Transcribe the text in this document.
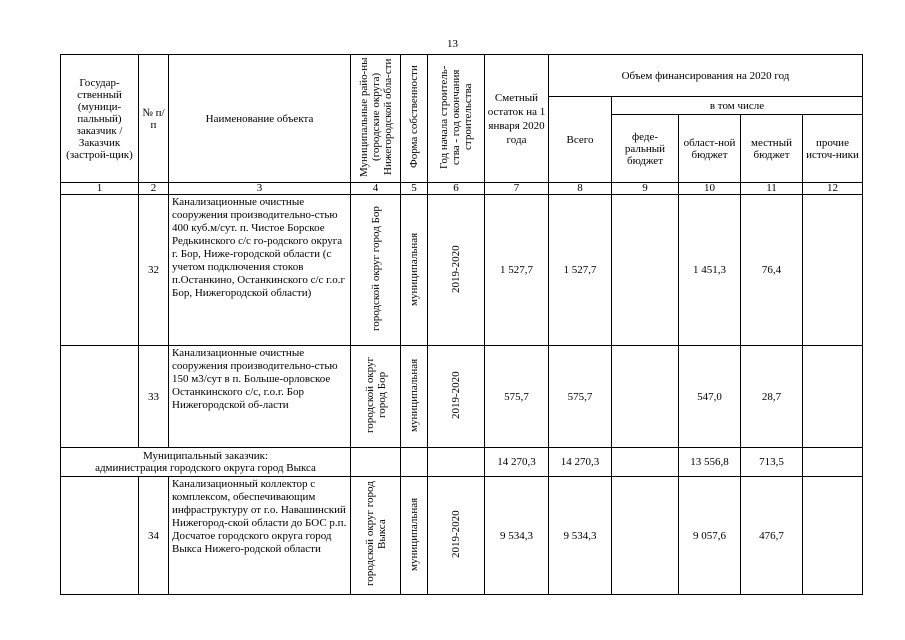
13
Государ-ственный (муници-пальный) заказчик /Заказчик (застрой-щик)	№ п/п	Наименование объекта	Муниципальные райо-ны (городские округа) Нижегородской обла-сти	Форма собственности	Год начала строитель-ства - год окончания строительства	Сметный остаток на 1 января 2020 года	Объем финансирования на 2020 год				
							Всего	в том числе			
								феде-ральный бюджет	област-ной бюджет	местный бюджет	прочие источ-ники
1	2	3	4	5	6	7	8	9	10	11	12
	32	Канализационные очистные сооружения производительно-стью 400 куб.м/сут. п. Чистое Борское Редькинского с/с го-родского округа г. Бор, Ниже-городской области (с учетом подключения стоков п.Останкино, Останкинского с/с г.о.г Бор, Нижегородской области)	городской округ город Бор	муниципальная	2019-2020	1 527,7	1 527,7		1 451,3	76,4	
	33	Канализационные очистные сооружения производительно-стью 150 м3/сут в п. Больше-орловское Останкинского с/с, г.о.г. Бор Нижегородской об-ласти	городской округ город Бор	муниципальная	2019-2020	575,7	575,7		547,0	28,7	
Муниципальный заказчик:
администрация городского округа город Выкса						14 270,3	14 270,3		13 556,8	713,5	
	34	Канализационный коллектор с комплексом, обеспечивающим инфраструктуру от г.о. Навашинский Нижегород-ской области до БОС р.п. Досчатое городского округа город Выкса Нижего-родской области	городской округ город Выкса	муниципальная	2019-2020	9 534,3	9 534,3		9 057,6	476,7	
